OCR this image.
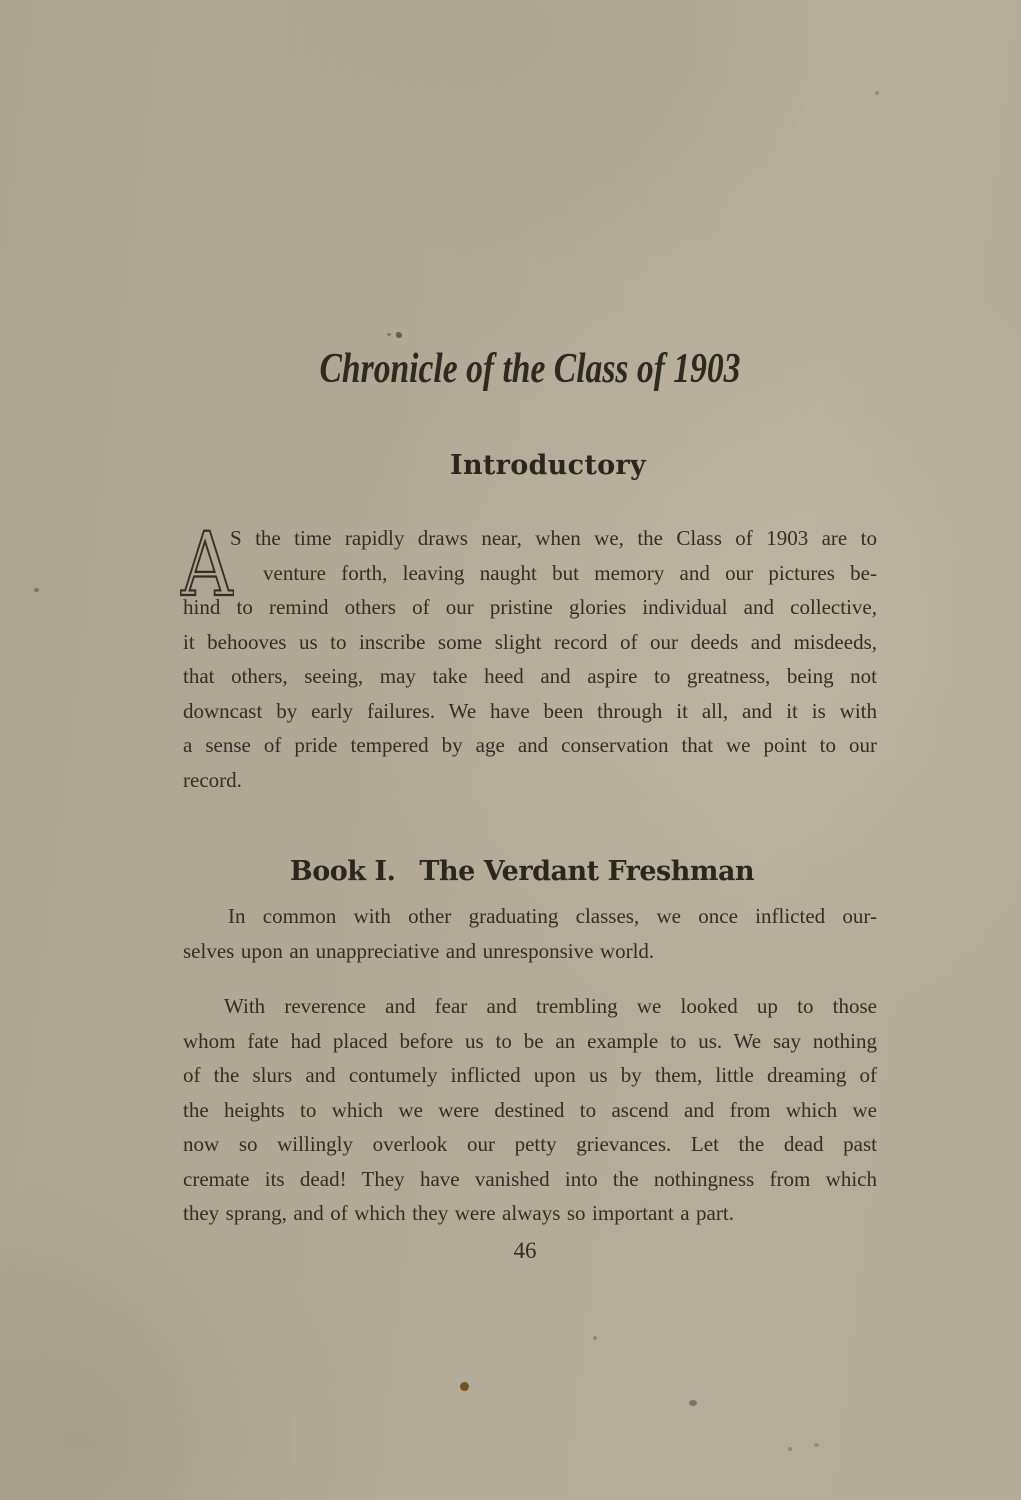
Chronicle of the Class of 1903
Introductory
A
S the time rapidly draws near, when we, the Class of 1903 are to
venture forth, leaving naught but memory and our pictures be-
hind to remind others of our pristine glories individual and collective,
it behooves us to inscribe some slight record of our deeds and misdeeds,
that others, seeing, may take heed and aspire to greatness, being not
downcast by early failures. We have been through it all, and it is with
a sense of pride tempered by age and conservation that we point to our
record.
Book I. The Verdant Freshman
In common with other graduating classes, we once inflicted our-
selves upon an unappreciative and unresponsive world.
With reverence and fear and trembling we looked up to those
whom fate had placed before us to be an example to us. We say nothing
of the slurs and contumely inflicted upon us by them, little dreaming of
the heights to which we were destined to ascend and from which we
now so willingly overlook our petty grievances. Let the dead past
cremate its dead! They have vanished into the nothingness from which
they sprang, and of which they were always so important a part.
46
